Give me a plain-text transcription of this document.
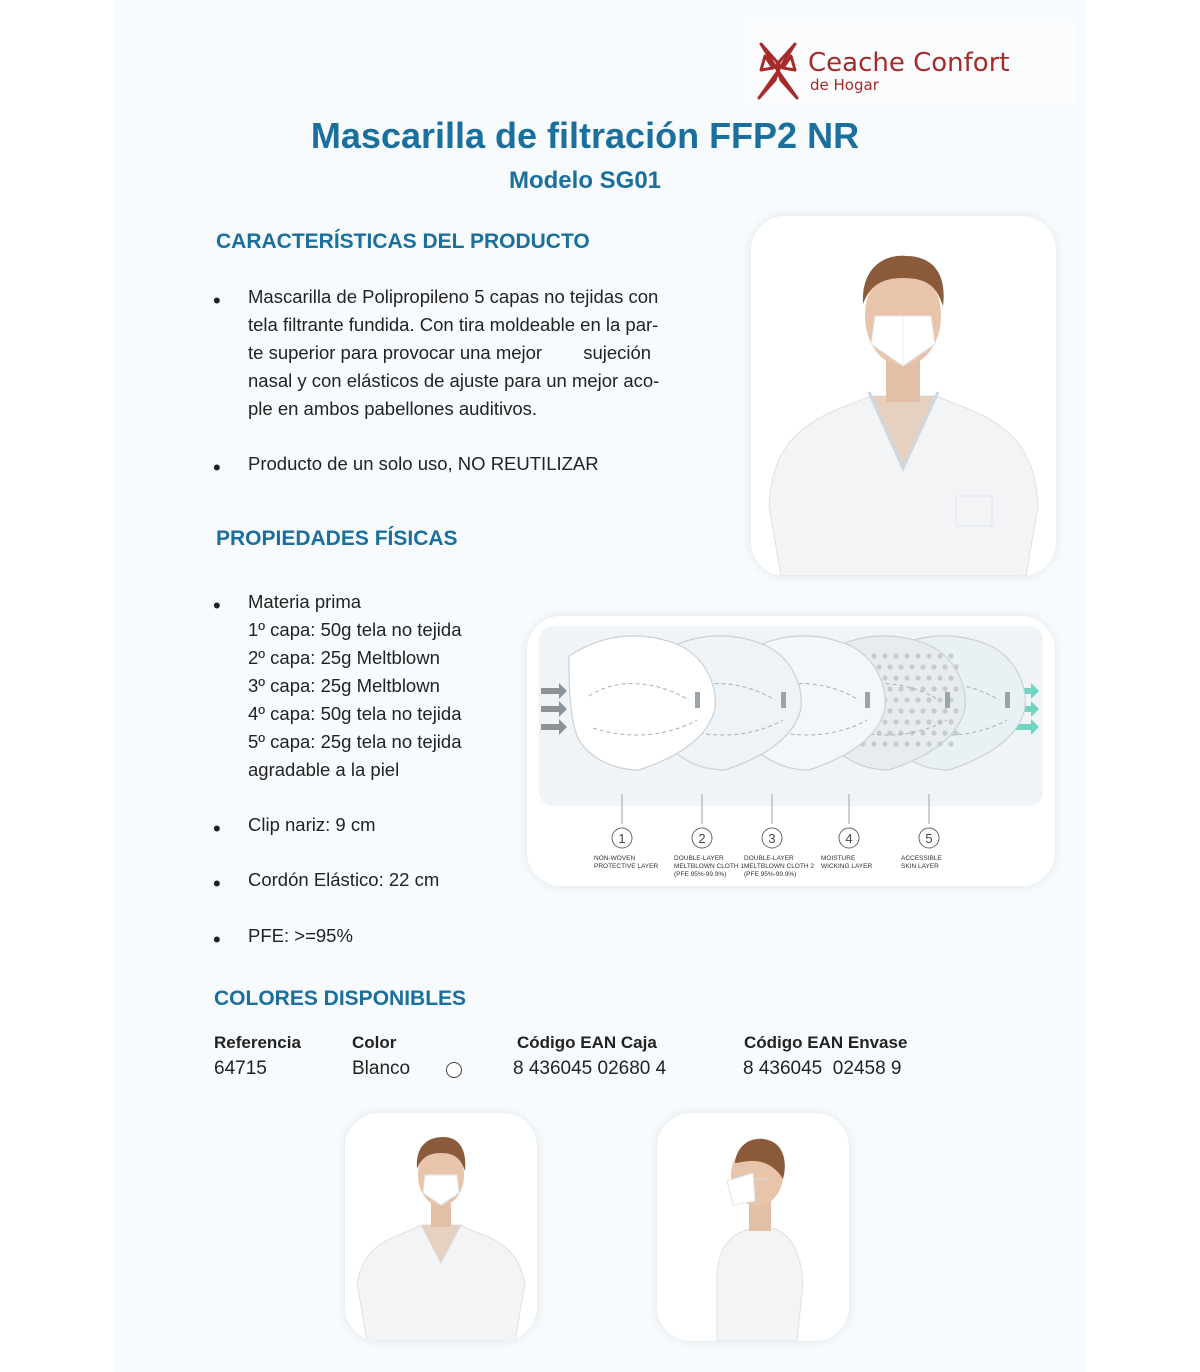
Ceache Confort
de Hogar
Mascarilla de filtración FFP2 NR
Modelo SG01
CARACTERÍSTICAS DEL PRODUCTO
• Mascarilla de Polipropileno 5 capas no tejidas con
tela filtrante fundida. Con tira moldeable en la par-
te superior para provocar una mejor        sujeción
nasal y con elásticos de ajuste para un mejor aco-
ple en ambos pabellones auditivos.
• Producto de un solo uso, NO REUTILIZAR
PROPIEDADES FÍSICAS
• Materia prima
1º capa: 50g tela no tejida
2º capa: 25g Meltblown
3º capa: 25g Meltblown
4º capa: 50g tela no tejida
5º capa: 25g tela no tejida
agradable a la piel
• Clip nariz: 9 cm
• Cordón Elástico: 22 cm
• PFE: >=95%
1
NON-WOVEN
PROTECTIVE LAYER
2
DOUBLE-LAYER
MELTBLOWN CLOTH 1
(PFE 95%-99.9%)
3
DOUBLE-LAYER
MELTBLOWN CLOTH 2
(PFE 95%-99.9%)
4
MOISTURE
WICKING LAYER
5
ACCESSIBLE
SKIN LAYER
COLORES DISPONIBLES
Referencia	Color	Código EAN Caja	Código EAN Envase
64715	Blanco	8 436045 02680 4	8 436045  02458 9
